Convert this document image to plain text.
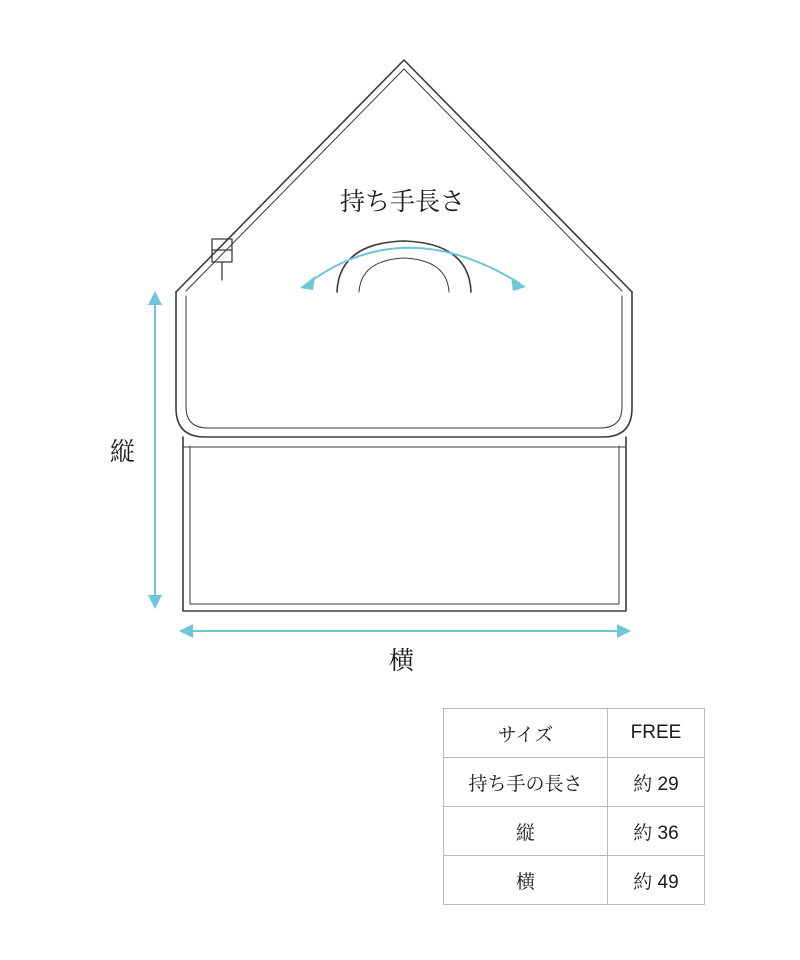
持ち手長さ
縦
横
サイズ	FREE
持ち手の長さ	約 29
縦	約 36
横	約 49
